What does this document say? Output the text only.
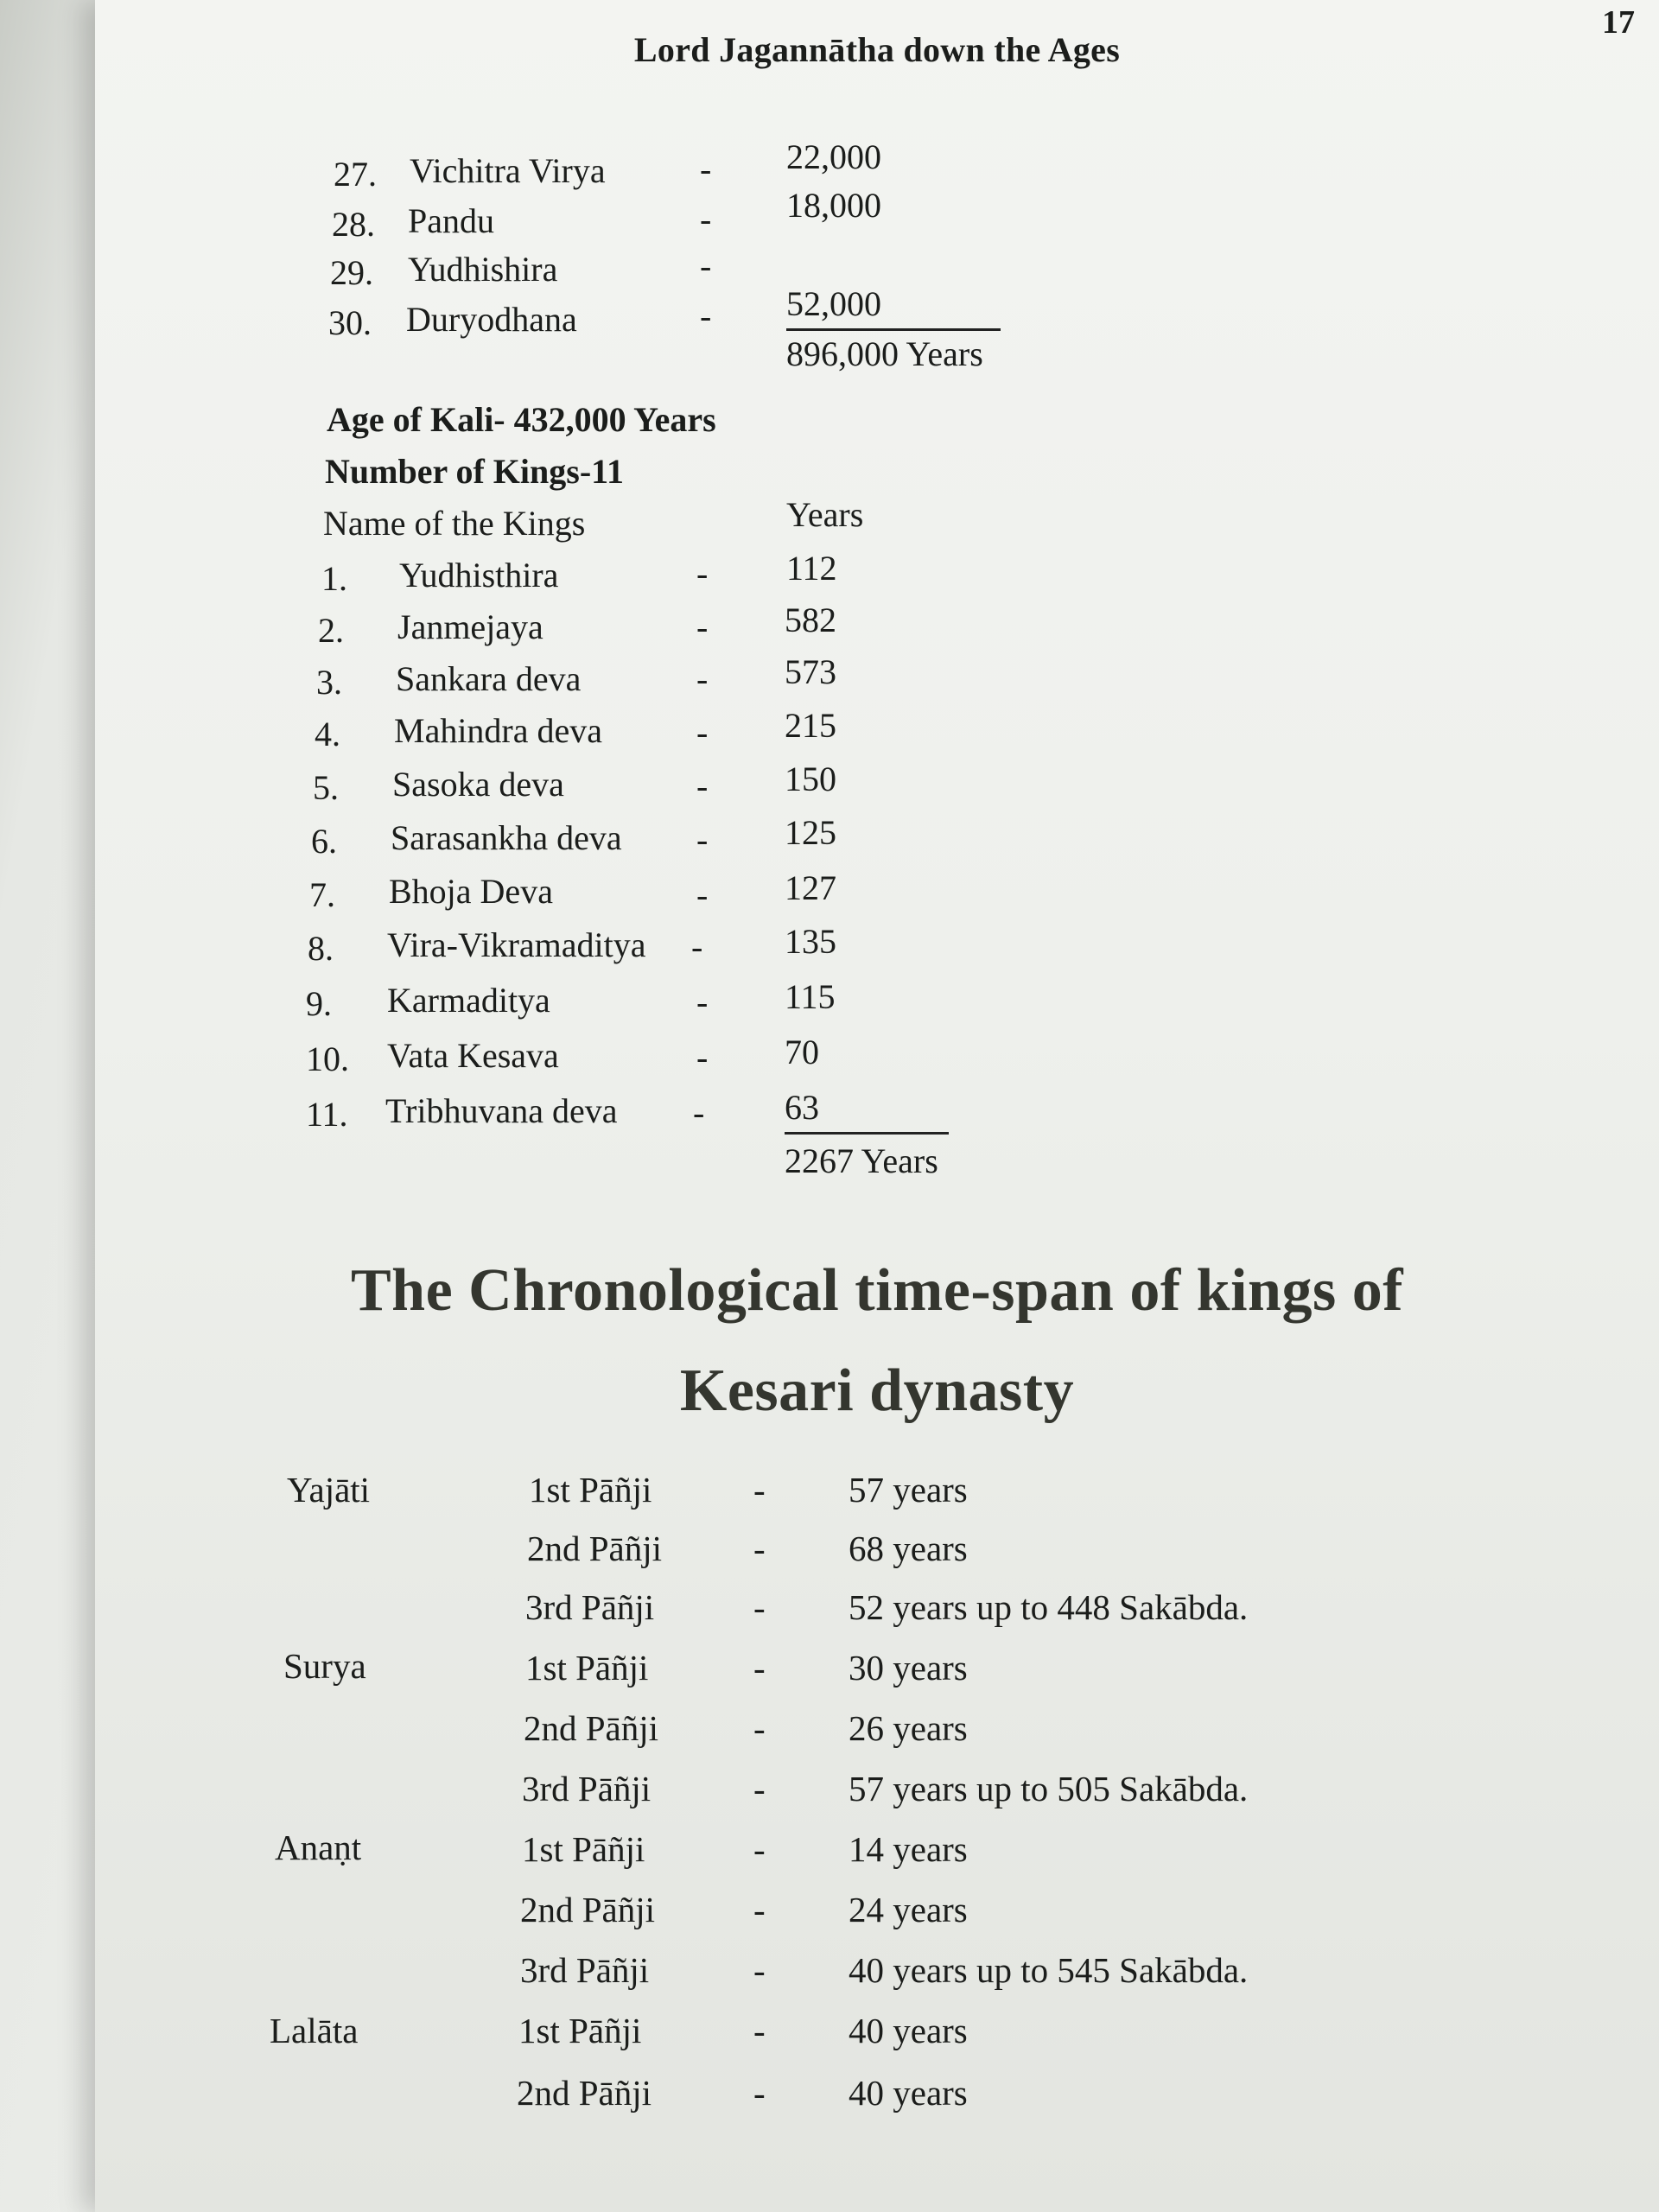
17
Lord Jagannātha down the Ages
27. Vichitra Virya	- 22,000
28. Pandu	- 18,000
29. Yudhishira	-
30. Duryodhana	- 52,000
896,000 Years
Age of Kali- 432,000 Years
Number of Kings-11
Name of the Kings	Years
1. Yudhisthira	- 112
2. Janmejaya	- 582
3. Sankara deva	- 573
4. Mahindra deva	- 215
5. Sasoka deva	- 150
6. Sarasankha deva - 125
7. Bhoja Deva	- 127
8. Vira-Vikramaditya - 135
9. Karmaditya	- 115
10. Vata Kesava	- 70
11. Tribhuvana deva - 63
2267 Years
The Chronological time-span of kings of
Kesari dynasty
Yajāti	1st Pāñji	- 57 years
2nd Pāñji	- 68 years
3rd Pāñji	- 52 years up to 448 Sakābda.
Surya	1st Pāñji	- 30 years
2nd Pāñji	- 26 years
3rd Pāñji	- 57 years up to 505 Sakābda.
Anaṇt	1st Pāñji	- 14 years
2nd Pāñji	- 24 years
3rd Pāñji	- 40 years up to 545 Sakābda.
Lalāta	1st Pāñji	- 40 years
2nd Pāñji	- 40 years
